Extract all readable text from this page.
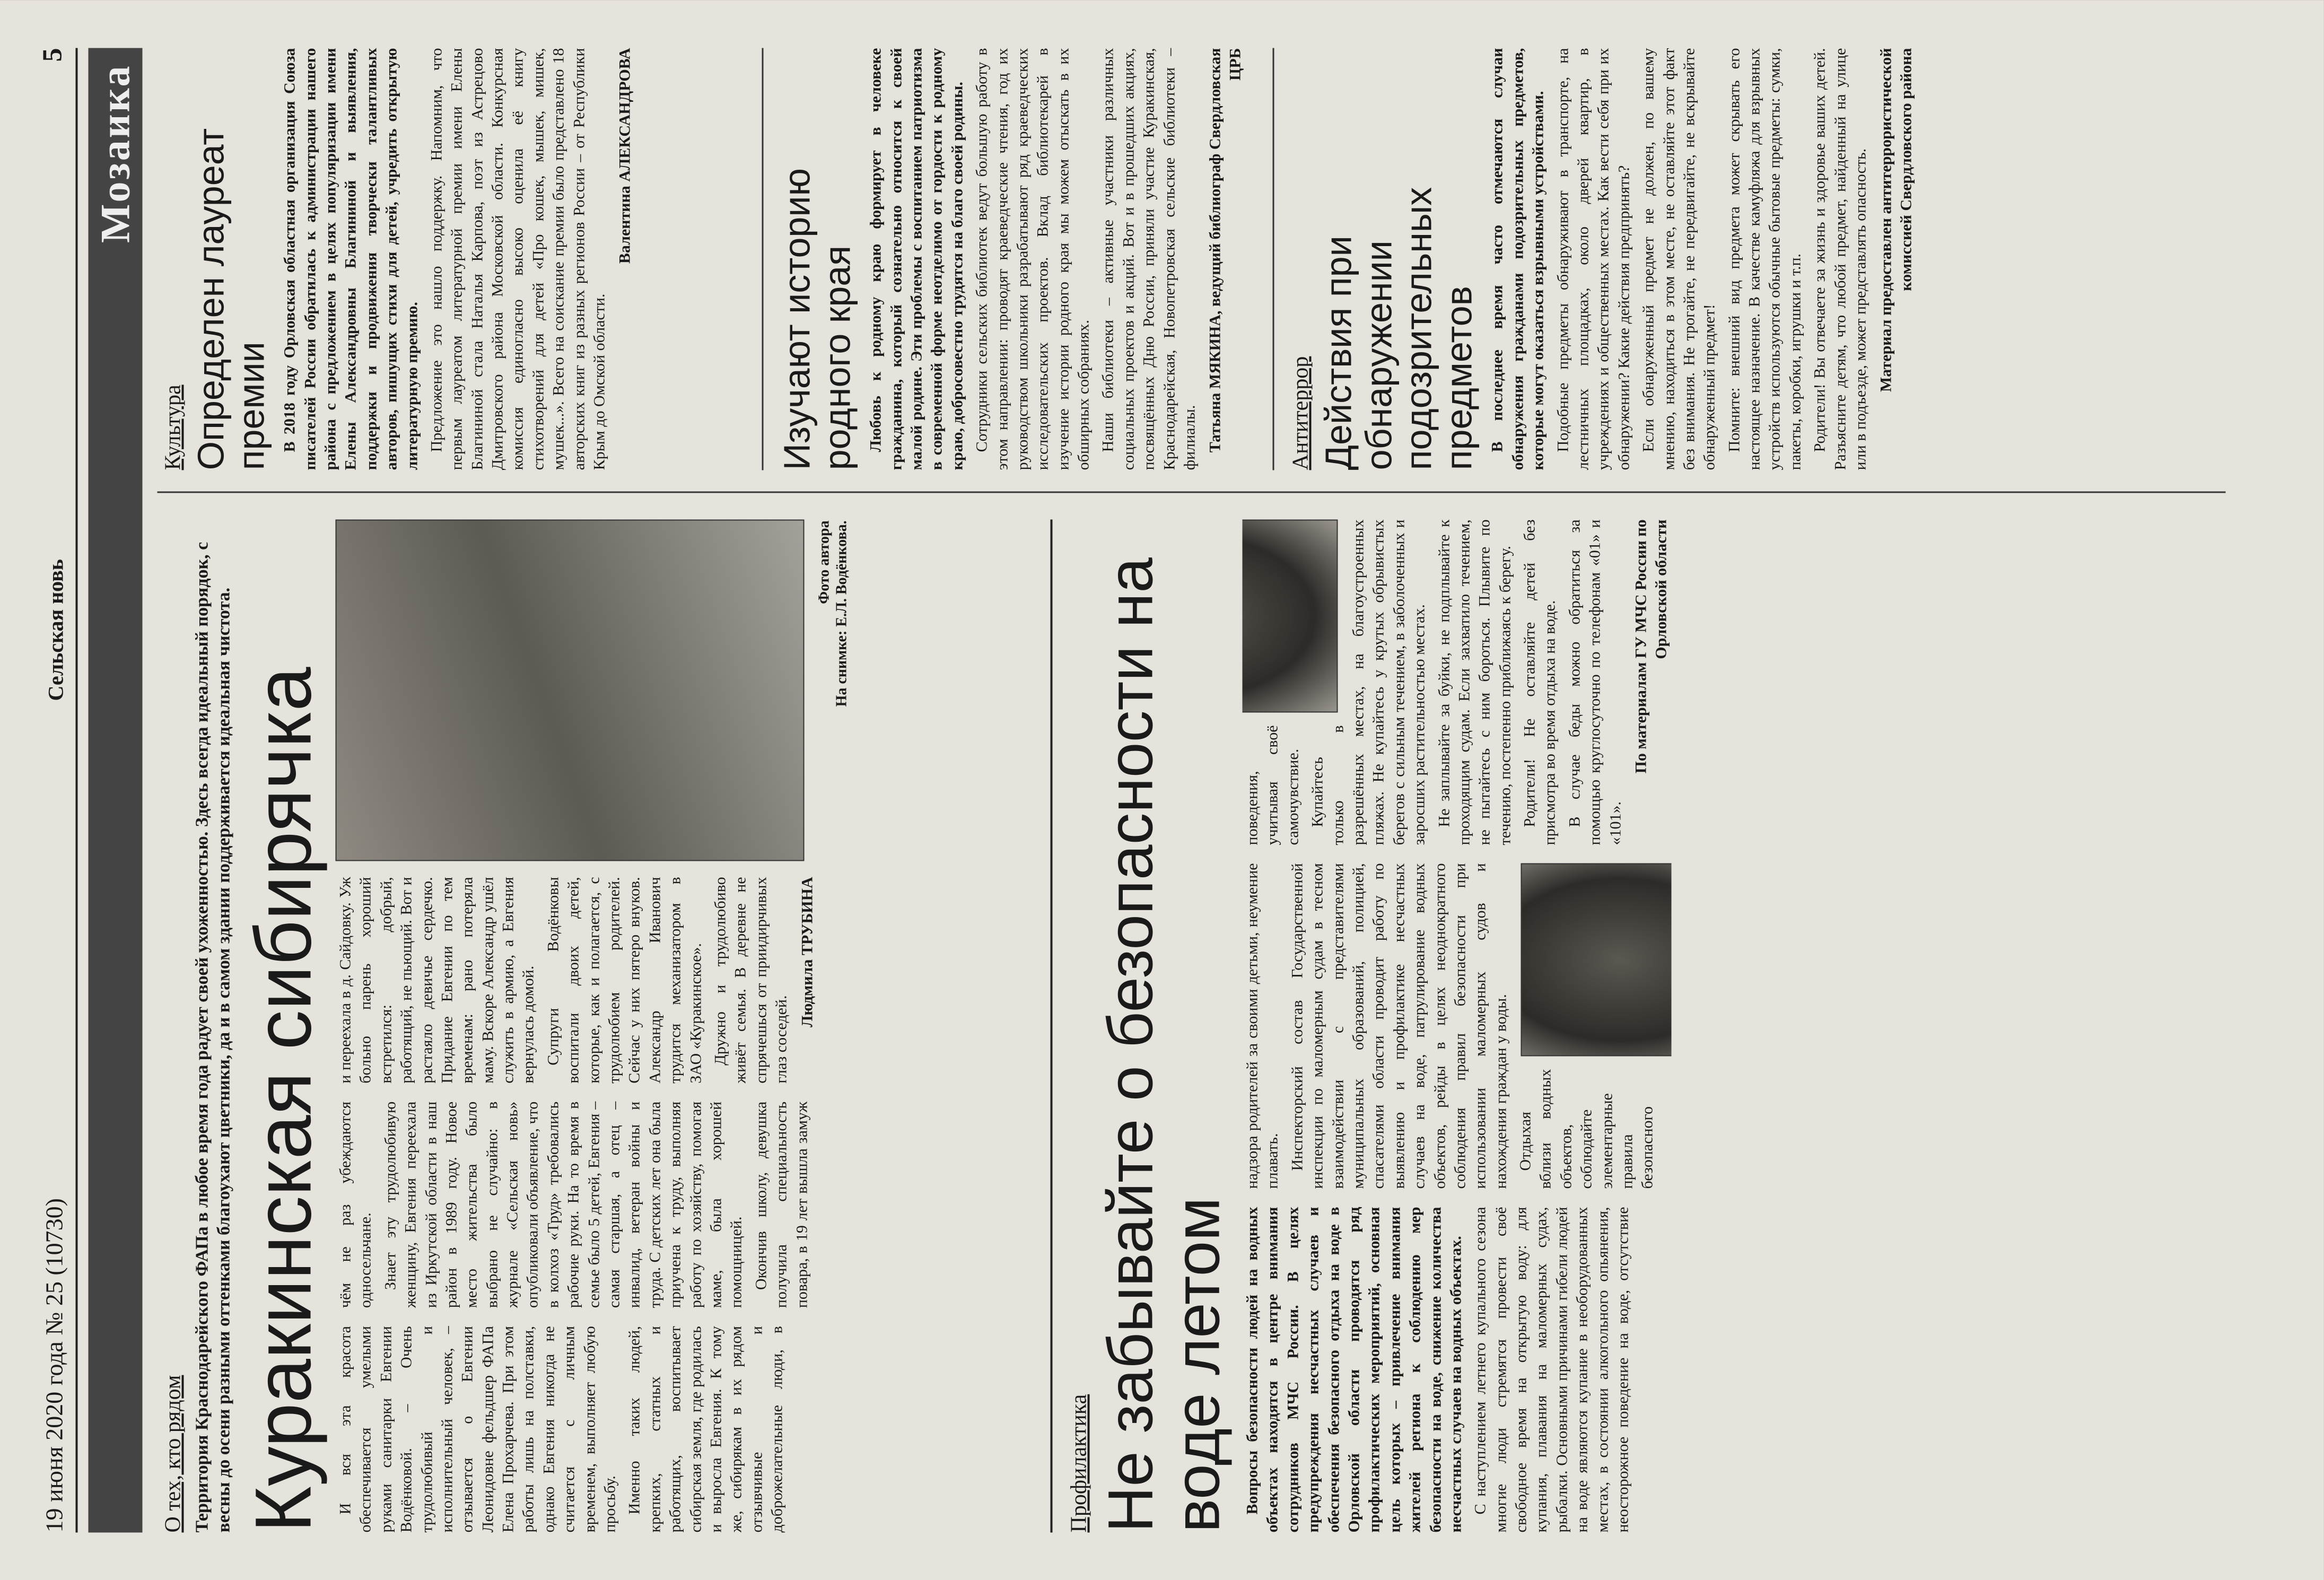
19 июня 2020 года № 25 (10730)
Сельская новь
5
Мозаика
О тех, кто рядом Территория Краснодарейского ФАПа в любое время года радует своей ухоженностью. Здесь всегда идеальный порядок, с весны до осени разными оттенками благоухают цветники, да и в самом здании поддерживается идеальная чистота. Куракинская сибирячка
Фото автора На снимке: Е.Л. Водёнкова.

И вся эта красота обеспечивается умелыми руками санитарки Евгении Водёнковой. – Очень трудолюбивый и исполнительный человек, – отзывается о Евгении Леонидовне фельдшер ФАПа Елена Прохарчева. При этом работы лишь на полставки, однако Евгения никогда не считается с личным временем, выполняет любую просьбу. Именно таких людей, крепких, статных и работящих, воспитывает сибирская земля, где родилась и выросла Евгения. К тому же, сибирякам в их рядом отзывчивые и доброжелательные люди, в чём не раз убеждаются односельчане. Знает эту трудолюбивую женщину, Евгения переехала из Иркутской области в наш район в 1989 году. Новое место жительства было выбрано не случайно: в журнале «Сельская новь» опубликовали объявление, что в колхоз «Труд» требовались рабочие руки. На то время в семье было 5 детей, Евгения – самая старшая, а отец – инвалид, ветеран войны и труда. С детских лет она была приучена к труду, выполняя работу по хозяйству, помогая маме, была хорошей помощницей. Окончив школу, девушка получила специальность повара, в 19 лет вышла замуж и переехала в д. Сайдовку. Уж больно парень хороший встретился: добрый, работящий, не пьющий. Вот и растаяло девичье сердечко. Придание Евгении по тем временам: рано потеряла маму. Вскоре Александр ушёл служить в армию, а Евгения вернулась домой. Супруги Водёнковы воспитали двоих детей, которые, как и полагается, с трудолюбием родителей. Сейчас у них пятеро внуков. Александр Иванович трудится механизатором в ЗАО «Куракинское». Дружно и трудолюбиво живёт семья. В деревне не спрячешься от приидирчивых глаз соседей.

Людмила ТРУБИНА
Профилактика Не забывайте о безопасности на воде летом Вопросы безопасности людей на водных объектах находятся в центре внимания сотрудников МЧС России. В целях предупреждения несчастных случаев и обеспечения безопасного отдыха на воде в Орловской области проводятся ряд профилактических мероприятий, основная цель которых – привлечение внимания жителей региона к соблюдению мер безопасности на воде, снижение количества несчастных случаев на водных объектах. С наступлением летнего купального сезона многие люди стремятся провести своё свободное время на открытую воду: для купания, плавания на маломерных судах, рыбалки. Основными причинами гибели людей на воде являются купание в необорудованных местах, в состоянии алкогольного опьянения, неосторожное поведение на воде, отсутствие надзора родителей за своими детьми, неумение плавать. Инспекторский состав Государственной инспекции по маломерным судам в тесном взаимодействии с представителями муниципальных образований, полицией, спасателями области проводит работу по выявлению и профилактике несчастных случаев на воде, патрулирование водных объектов, рейды в целях неоднократного соблюдения правил безопасности при использовании маломерных судов и нахождения граждан у воды. Отдыхая вблизи водных объектов, соблюдайте элементарные правила безопасного поведения, учитывая своё самочувствие. Купайтесь только в разрешённых местах, на благоустроенных пляжах. Не купайтесь у крутых обрывистых берегов с сильным течением, в заболоченных и заросших растительностью местах. Не заплывайте за буйки, не подплывайте к проходящим судам. Если захватило течением, не пытайтесь с ним бороться. Плывите по течению, постепенно приближаясь к берегу. Родители! Не оставляйте детей без присмотра во время отдыха на воде. В случае беды можно обратиться за помощью круглосуточно по телефонам «01» и «101».

По материалам ГУ МЧС России по Орловской области
Культура Определен лауреат премии В 2018 году Орловская областная организация Союза писателей России обратилась к администрации нашего района с предложением в целях популяризации имени Елены Александровны Благининой и выявления, поддержки и продвижения творчески талантливых авторов, пишущих стихи для детей, учредить открытую литературную премию. Предложение это нашло поддержку. Напомним, что первым лауреатом литературной премии имени Елены Благининой стала Наталья Карпова, поэт из Астрецово Дмитровского района Московской области. Конкурсная комиссия единогласно высоко оценила её книгу стихотворений для детей «Про кошек, мышек, мишек, мушек...». Всего на соискание премии было представлено 18 авторских книг из разных регионов России – от Республики Крым до Омской области.

Валентина АЛЕКСАНДРОВА
Изучают историю родного края Любовь к родному краю формирует в человеке гражданина, который сознательно относится к своей малой родине. Эти проблемы с воспитанием патриотизма в современной форме неотделимо от гордости к родному краю, добросовестно трудятся на благо своей родины. Сотрудники сельских библиотек ведут большую работу в этом направлении: проводят краеведческие чтения, год их руководством школьники разрабатывают ряд краеведческих исследовательских проектов. Вклад библиотекарей в изучение истории родного края мы можем отыскать в их обширных собраниях. Наши библиотеки – активные участники различных социальных проектов и акций. Вот и в прошедших акциях, посвящённых Дню России, приняли участие Куракинская, Краснодарейская, Новопетровская сельские библиотеки – филиалы. Татьяна МЯКИНА, ведущий библиограф Свердловская ЦРБ
Антитеррор Действия при обнаружении подозрительных предметов В последнее время часто отмечаются случаи обнаружения гражданами подозрительных предметов, которые могут оказаться взрывными устройствами. Подобные предметы обнаруживают в транспорте, на лестничных площадках, около дверей квартир, в учреждениях и общественных местах. Как вести себя при их обнаружении? Какие действия предпринять? Если обнаруженный предмет не должен, по вашему мнению, находиться в этом месте, не оставляйте этот факт без внимания. Не трогайте, не передвигайте, не вскрывайте обнаруженный предмет! Помните: внешний вид предмета может скрывать его настоящее назначение. В качестве камуфляжа для взрывных устройств используются обычные бытовые предметы: сумки, пакеты, коробки, игрушки и т.п. Родители! Вы отвечаете за жизнь и здоровье ваших детей. Разъясните детям, что любой предмет, найденный на улице или в подъезде, может представлять опасность. Материал предоставлен антитеррористической комиссией Свердловского района
